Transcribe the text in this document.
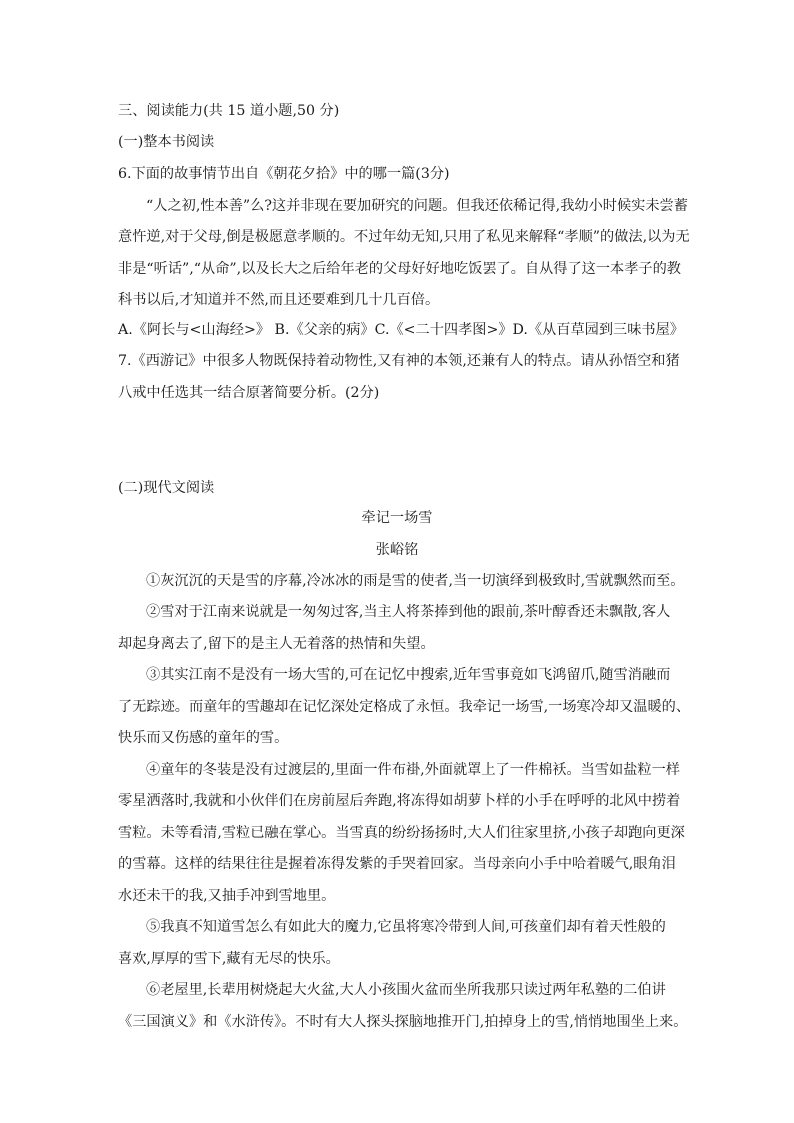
三、阅读能力(共 15 道小题,50 分)
(一)整本书阅读
6.下面的故事情节出自《朝花夕拾》中的哪一篇(3分)
“人之初,性本善”么?这并非现在要加研究的问题。但我还依稀记得,我幼小时候实未尝蓄
意忤逆,对于父母,倒是极愿意孝顺的。不过年幼无知,只用了私见来解释“孝顺”的做法,以为无
非是“听话”,“从命”,以及长大之后给年老的父母好好地吃饭罢了。自从得了这一本孝子的教
科书以后,才知道并不然,而且还要难到几十几百倍。
A.《阿长与<山海经>》 B.《父亲的病》C.《<二十四孝图>》D.《从百草园到三味书屋》
7.《西游记》中很多人物既保持着动物性,又有神的本领,还兼有人的特点。请从孙悟空和猪
八戒中任选其一结合原著简要分析。(2分)
(二)现代文阅读
牵记一场雪
张峪铭
①灰沉沉的天是雪的序幕,冷冰冰的雨是雪的使者,当一切演绎到极致时,雪就飘然而至。
②雪对于江南来说就是一匆匆过客,当主人将茶捧到他的跟前,茶叶醇香还未飘散,客人
却起身离去了,留下的是主人无着落的热情和失望。
③其实江南不是没有一场大雪的,可在记忆中搜索,近年雪事竟如飞鸿留爪,随雪消融而
了无踪迹。而童年的雪趣却在记忆深处定格成了永恒。我牵记一场雪,一场寒冷却又温暖的、
快乐而又伤感的童年的雪。
④童年的冬装是没有过渡层的,里面一件布褂,外面就罩上了一件棉袄。当雪如盐粒一样
零星洒落时,我就和小伙伴们在房前屋后奔跑,将冻得如胡萝卜样的小手在呼呼的北风中捞着
雪粒。未等看清,雪粒已融在掌心。当雪真的纷纷扬扬时,大人们往家里挤,小孩子却跑向更深
的雪幕。这样的结果往往是握着冻得发紫的手哭着回家。当母亲向小手中哈着暖气,眼角泪
水还未干的我,又抽手冲到雪地里。
⑤我真不知道雪怎么有如此大的魔力,它虽将寒冷带到人间,可孩童们却有着天性般的
喜欢,厚厚的雪下,藏有无尽的快乐。
⑥老屋里,长辈用树烧起大火盆,大人小孩围火盆而坐所我那只读过两年私塾的二伯讲
《三国演义》和《水浒传》。不时有大人探头探脑地推开门,拍掉身上的雪,悄悄地围坐上来。
